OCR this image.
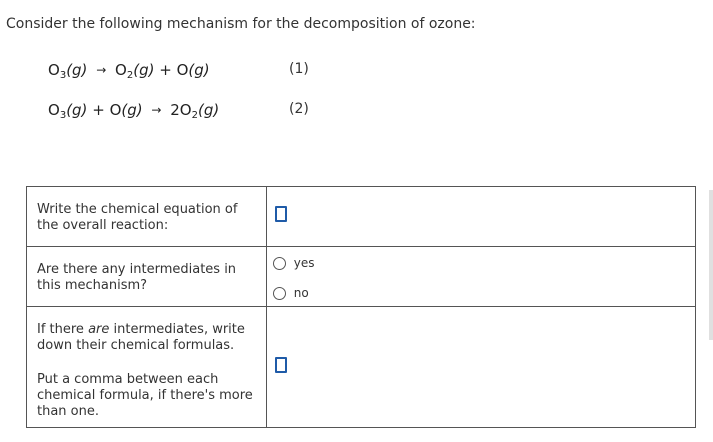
Consider the following mechanism for the decomposition of ozone:
$O_3(g) \to O_2(g) + O(g)$	(1)
$O_3(g) + O(g) \to 2O_2(g)$	(2)
Write the chemical equation of the overall reaction:	

Are there any intermediates in this mechanism?	yes
no

If there are intermediates, write down their chemical formulas.
Put a comma between each chemical formula, if there's more than one.	
